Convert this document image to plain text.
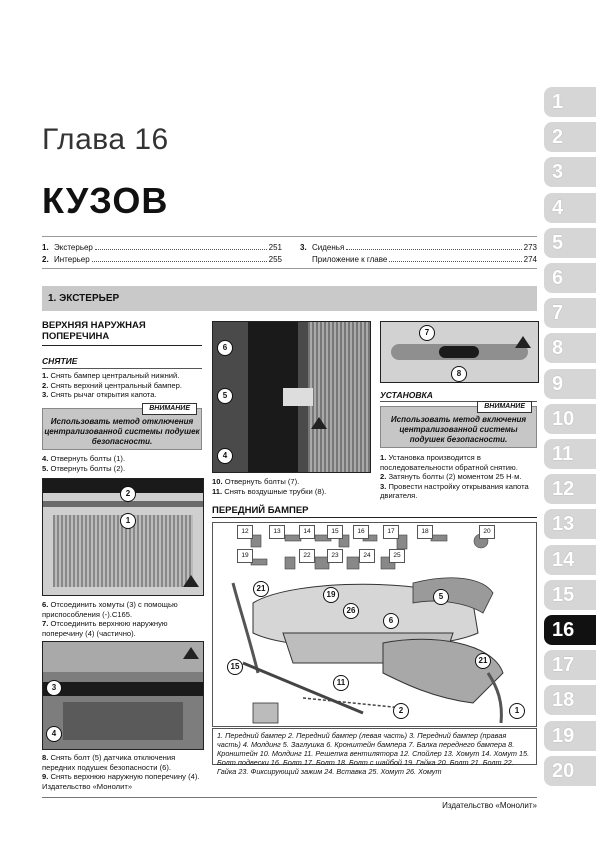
Глава 16
КУЗОВ
1. Экстерьер	251
2. Интерьер	255
3. Сиденья	273
Приложение к главе	274
1. ЭКСТЕРЬЕР
ВЕРХНЯЯ НАРУЖНАЯ ПОПЕРЕЧИНА
СНЯТИЕ
1. Снять бампер центральный нижний.
2. Снять верхний центральный бампер.
3. Снять рычаг открытия капота.
ВНИМАНИЕ
Использовать метод отключения централизованной системы подушек безопасности.
4. Отвернуть болты (1).
5. Отвернуть болты (2).
2
1
6. Отсоединить хомуты (3) с помощью приспособления (-).С165.
7. Отсоединить верхнюю наружную поперечину (4) (частично).
3
4
8. Снять болт (5) датчика отключения передних подушек безопасности (6).
9. Снять верхнюю наружную поперечину (4). Издательство «Монолит»
6
5
4
10. Отвернуть болты (7).
11. Снять воздушные трубки (8).
7
8
УСТАНОВКА
ВНИМАНИЕ
Использовать метод включения централизованной системы подушек безопасности.
1. Установка производится в последовательности обратной снятию.
2. Затянуть болты (2) моментом 25 Н·м.
3. Провести настройку открывания капота двигателя.
ПЕРЕДНИЙ БАМПЕР
12	13	14	15	16	17	18	20
19	22	23	24	25
21
5
19
26
6
15
11
2
21
1
1. Передний бампер 2. Передний бампер (левая часть) 3. Передний бампер (правая часть) 4. Молдинг 5. Заглушка 6. Кронштейн бампера 7. Балка переднего бампера 8. Кронштейн 10. Молдинг 11. Решетка вентилятора 12. Спойлер 13. Хомут 14. Хомут 15. Болт подвески 16. Болт 17. Болт 18. Болт с шайбой 19. Гайка 20. Болт 21. Болт 22. Гайка 23. Фиксирующий зажим 24. Вставка 25. Хомут 26. Хомут
1
2
3
4
5
6
7
8
9
10
11
12
13
14
15
16
17
18
19
20
Издательство «Монолит»
